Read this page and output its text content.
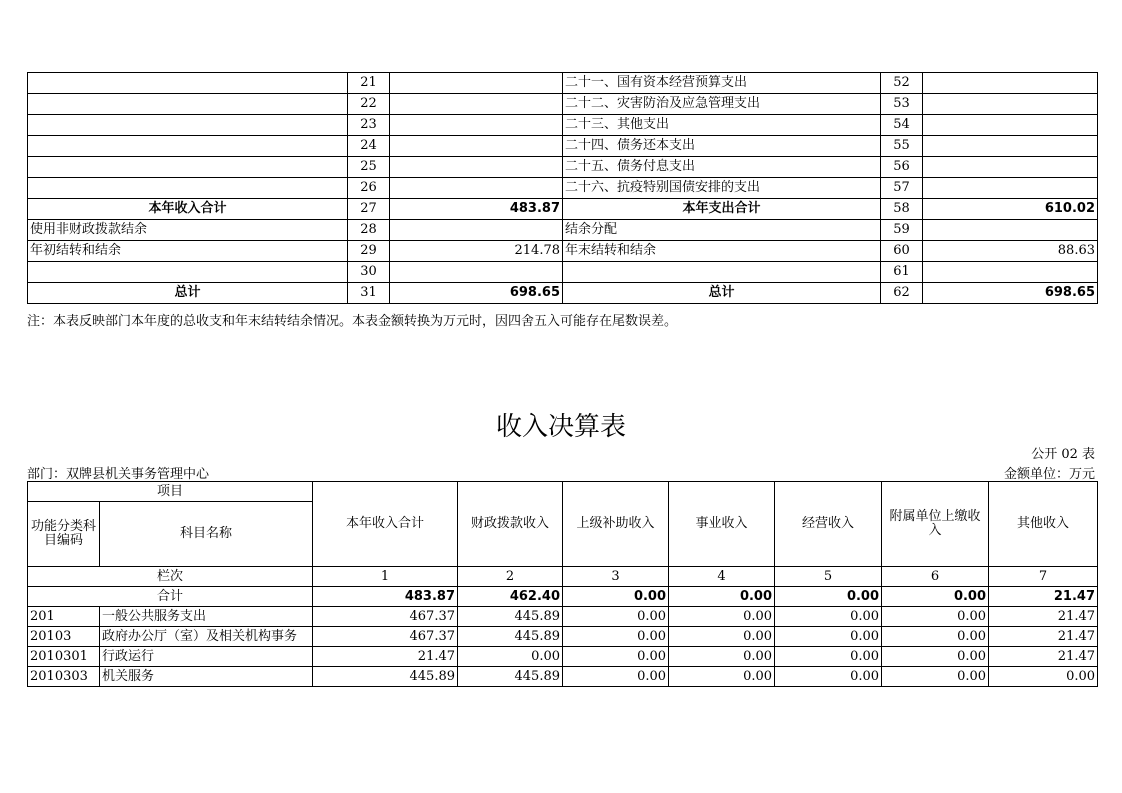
	21		二十一、国有资本经营预算支出	52	
	22		二十二、灾害防治及应急管理支出	53	
	23		二十三、其他支出	54	
	24		二十四、债务还本支出	55	
	25		二十五、债务付息支出	56	
	26		二十六、抗疫特别国债安排的支出	57	
本年收入合计	27	483.87	本年支出合计	58	610.02
使用非财政拨款结余	28		结余分配	59	
年初结转和结余	29	214.78	年末结转和结余	60	88.63
	30			61	
总计	31	698.65	总计	62	698.65
注：本表反映部门本年度的总收支和年末结转结余情况。本表金额转换为万元时，因四舍五入可能存在尾数误差。
收入决算表
公开 02 表
部门：双牌县机关事务管理中心	金额单位：万元
项目		本年收入合计	财政拨款收入	上级补助收入	事业收入	经营收入	附属单位上缴收入	其他收入
功能分类科目编码	科目名称							
栏次		1	2	3	4	5	6	7
合计		483.87	462.40	0.00	0.00	0.00	0.00	21.47
201	一般公共服务支出	467.37	445.89	0.00	0.00	0.00	0.00	21.47
20103	政府办公厅（室）及相关机构事务	467.37	445.89	0.00	0.00	0.00	0.00	21.47
2010301	行政运行	21.47	0.00	0.00	0.00	0.00	0.00	21.47
2010303	机关服务	445.89	445.89	0.00	0.00	0.00	0.00	0.00
